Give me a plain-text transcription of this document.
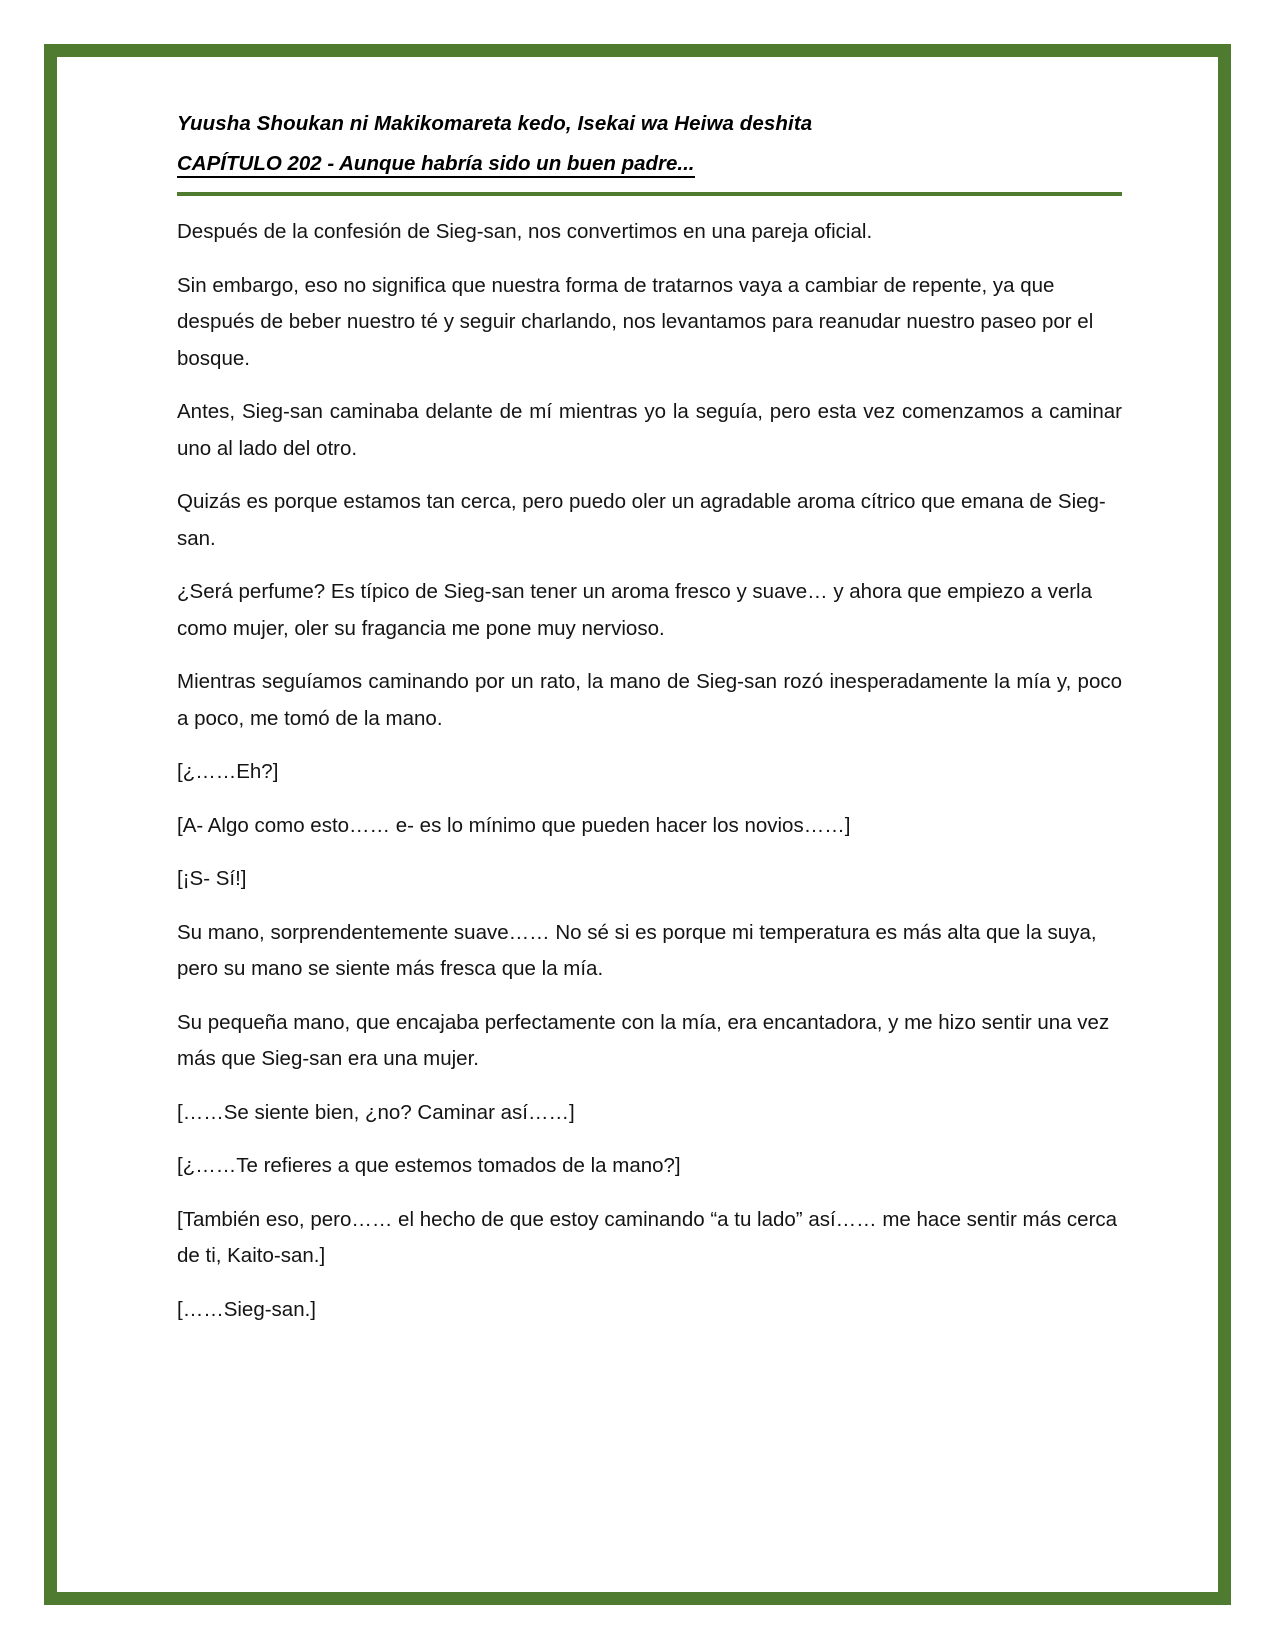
Yuusha Shoukan ni Makikomareta kedo, Isekai wa Heiwa deshita
CAPÍTULO 202 - Aunque habría sido un buen padre...

Después de la confesión de Sieg-san, nos convertimos en una pareja oficial.

Sin embargo, eso no significa que nuestra forma de tratarnos vaya a cambiar de repente, ya que después de beber nuestro té y seguir charlando, nos levantamos para reanudar nuestro paseo por el bosque.

Antes, Sieg-san caminaba delante de mí mientras yo la seguía, pero esta vez comenzamos a caminar uno al lado del otro.

Quizás es porque estamos tan cerca, pero puedo oler un agradable aroma cítrico que emana de Sieg-san.

¿Será perfume? Es típico de Sieg-san tener un aroma fresco y suave… y ahora que empiezo a verla como mujer, oler su fragancia me pone muy nervioso.

Mientras seguíamos caminando por un rato, la mano de Sieg-san rozó inesperadamente la mía y, poco a poco, me tomó de la mano.

[¿……Eh?]

[A- Algo como esto…… e- es lo mínimo que pueden hacer los novios……]

[¡S- Sí!]

Su mano, sorprendentemente suave…… No sé si es porque mi temperatura es más alta que la suya, pero su mano se siente más fresca que la mía.

Su pequeña mano, que encajaba perfectamente con la mía, era encantadora, y me hizo sentir una vez más que Sieg-san era una mujer.

[……Se siente bien, ¿no? Caminar así……]

[¿……Te refieres a que estemos tomados de la mano?]

[También eso, pero…… el hecho de que estoy caminando “a tu lado” así…… me hace sentir más cerca de ti, Kaito-san.]

[……Sieg-san.]
